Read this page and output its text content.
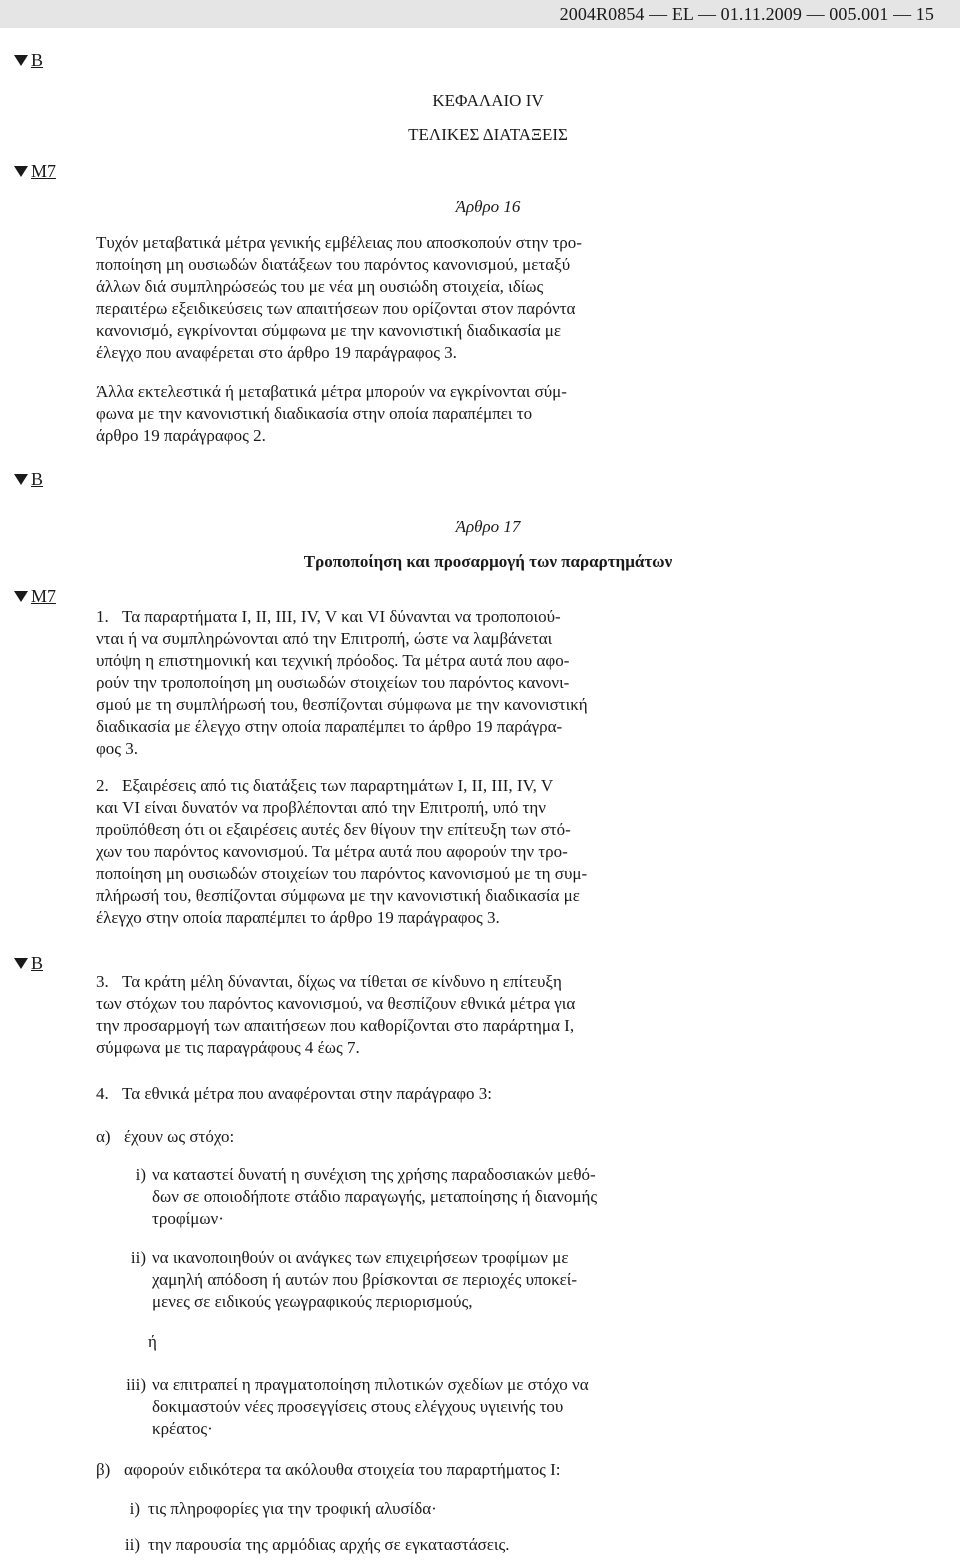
2004R0854 — EL — 01.11.2009 — 005.001 — 15
B
M7
B
M7
B
ΚΕΦΑΛΑΙΟ IV
ΤΕΛΙΚΕΣ ΔΙΑΤΑΞΕΙΣ
Άρθρο 16
Τυχόν μεταβατικά μέτρα γενικής εμβέλειας που αποσκοπούν στην τρο-
ποποίηση μη ουσιωδών διατάξεων του παρόντος κανονισμού, μεταξύ
άλλων διά συμπληρώσεώς του με νέα μη ουσιώδη στοιχεία, ιδίως
περαιτέρω εξειδικεύσεις των απαιτήσεων που ορίζονται στον παρόντα
κανονισμό, εγκρίνονται σύμφωνα με την κανονιστική διαδικασία με
έλεγχο που αναφέρεται στο άρθρο 19 παράγραφος 3.
Άλλα εκτελεστικά ή μεταβατικά μέτρα μπορούν να εγκρίνονται σύμ-
φωνα με την κανονιστική διαδικασία στην οποία παραπέμπει το
άρθρο 19 παράγραφος 2.
Άρθρο 17
Τροποποίηση και προσαρμογή των παραρτημάτων
1. Τα παραρτήματα I, II, III, IV, V και VI δύνανται να τροποποιού-
νται ή να συμπληρώνονται από την Επιτροπή, ώστε να λαμβάνεται
υπόψη η επιστημονική και τεχνική πρόοδος. Τα μέτρα αυτά που αφο-
ρούν την τροποποίηση μη ουσιωδών στοιχείων του παρόντος κανονι-
σμού με τη συμπλήρωσή του, θεσπίζονται σύμφωνα με την κανονιστική
διαδικασία με έλεγχο στην οποία παραπέμπει το άρθρο 19 παράγρα-
φος 3.
2. Εξαιρέσεις από τις διατάξεις των παραρτημάτων I, II, III, IV, V
και VI είναι δυνατόν να προβλέπονται από την Επιτροπή, υπό την
προϋπόθεση ότι οι εξαιρέσεις αυτές δεν θίγουν την επίτευξη των στό-
χων του παρόντος κανονισμού. Τα μέτρα αυτά που αφορούν την τρο-
ποποίηση μη ουσιωδών στοιχείων του παρόντος κανονισμού με τη συμ-
πλήρωσή του, θεσπίζονται σύμφωνα με την κανονιστική διαδικασία με
έλεγχο στην οποία παραπέμπει το άρθρο 19 παράγραφος 3.
3. Τα κράτη μέλη δύνανται, δίχως να τίθεται σε κίνδυνο η επίτευξη
των στόχων του παρόντος κανονισμού, να θεσπίζουν εθνικά μέτρα για
την προσαρμογή των απαιτήσεων που καθορίζονται στο παράρτημα I,
σύμφωνα με τις παραγράφους 4 έως 7.
4. Τα εθνικά μέτρα που αναφέρονται στην παράγραφο 3:
α) έχουν ως στόχο:
i) να καταστεί δυνατή η συνέχιση της χρήσης παραδοσιακών μεθό-
δων σε οποιοδήποτε στάδιο παραγωγής, μεταποίησης ή διανομής
τροφίμων·
ii) να ικανοποιηθούν οι ανάγκες των επιχειρήσεων τροφίμων με
χαμηλή απόδοση ή αυτών που βρίσκονται σε περιοχές υποκεί-
μενες σε ειδικούς γεωγραφικούς περιορισμούς,
ή
iii) να επιτραπεί η πραγματοποίηση πιλοτικών σχεδίων με στόχο να
δοκιμαστούν νέες προσεγγίσεις στους ελέγχους υγιεινής του
κρέατος·
β) αφορούν ειδικότερα τα ακόλουθα στοιχεία του παραρτήματος I:
i) τις πληροφορίες για την τροφική αλυσίδα·
ii) την παρουσία της αρμόδιας αρχής σε εγκαταστάσεις.
